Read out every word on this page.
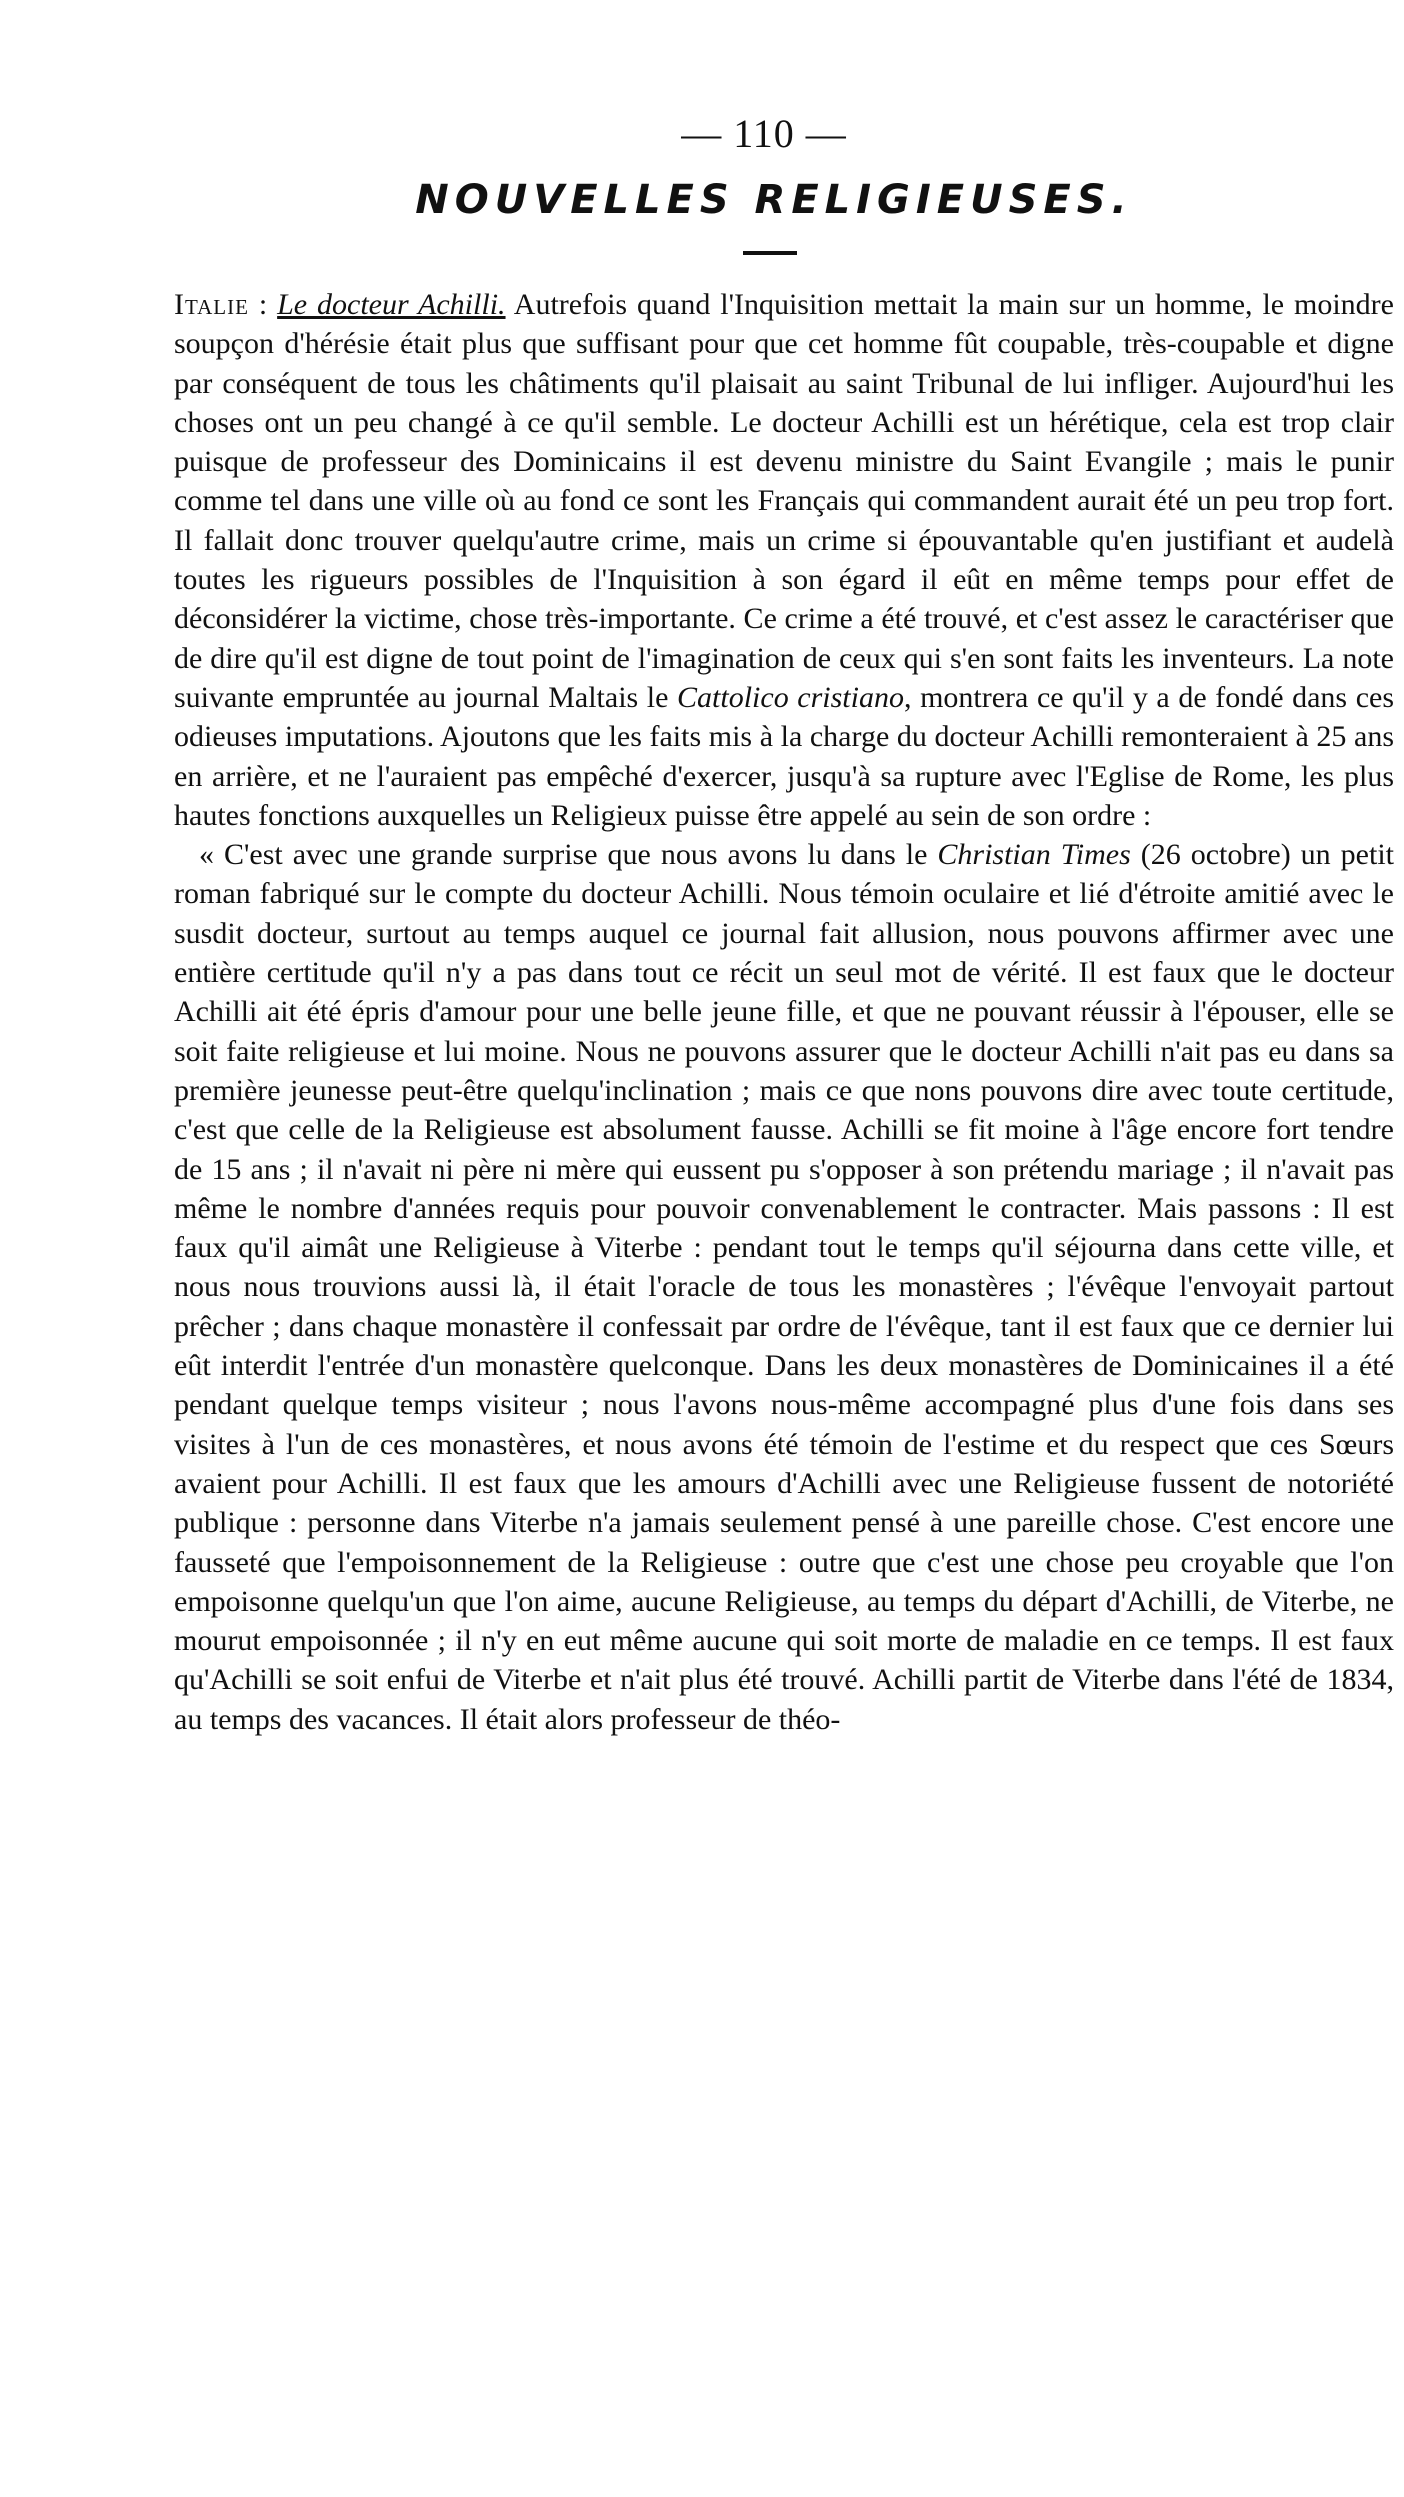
— 110 —
NOUVELLES RELIGIEUSES.

Italie : Le docteur Achilli. Autrefois quand l'Inquisition mettait la main sur un homme, le moindre soupçon d'hérésie était plus que suffisant pour que cet homme fût coupable, très-coupable et digne par conséquent de tous les châtiments qu'il plaisait au saint Tribunal de lui infliger. Aujourd'hui les choses ont un peu changé à ce qu'il semble. Le docteur Achilli est un hérétique, cela est trop clair puisque de professeur des Dominicains il est devenu ministre du Saint Evangile ; mais le punir comme tel dans une ville où au fond ce sont les Français qui commandent aurait été un peu trop fort. Il fallait donc trouver quelqu'autre crime, mais un crime si épouvantable qu'en justifiant et audelà toutes les rigueurs possibles de l'Inquisition à son égard il eût en même temps pour effet de déconsidérer la victime, chose très-importante. Ce crime a été trouvé, et c'est assez le caractériser que de dire qu'il est digne de tout point de l'imagination de ceux qui s'en sont faits les inventeurs. La note suivante empruntée au journal Maltais le Cattolico cristiano, montrera ce qu'il y a de fondé dans ces odieuses imputations. Ajoutons que les faits mis à la charge du docteur Achilli remonteraient à 25 ans en arrière, et ne l'auraient pas empêché d'exercer, jusqu'à sa rupture avec l'Eglise de Rome, les plus hautes fonctions auxquelles un Religieux puisse être appelé au sein de son ordre :

« C'est avec une grande surprise que nous avons lu dans le Christian Times (26 octobre) un petit roman fabriqué sur le compte du docteur Achilli. Nous témoin oculaire et lié d'étroite amitié avec le susdit docteur, surtout au temps auquel ce journal fait allusion, nous pouvons affirmer avec une entière certitude qu'il n'y a pas dans tout ce récit un seul mot de vérité. Il est faux que le docteur Achilli ait été épris d'amour pour une belle jeune fille, et que ne pouvant réussir à l'épouser, elle se soit faite religieuse et lui moine. Nous ne pouvons assurer que le docteur Achilli n'ait pas eu dans sa première jeunesse peut-être quelqu'inclination ; mais ce que nons pouvons dire avec toute certitude, c'est que celle de la Religieuse est absolument fausse. Achilli se fit moine à l'âge encore fort tendre de 15 ans ; il n'avait ni père ni mère qui eussent pu s'opposer à son prétendu mariage ; il n'avait pas même le nombre d'années requis pour pouvoir convenablement le contracter. Mais passons : Il est faux qu'il aimât une Religieuse à Viterbe : pendant tout le temps qu'il séjourna dans cette ville, et nous nous trouvions aussi là, il était l'oracle de tous les monastères ; l'évêque l'envoyait partout prêcher ; dans chaque monastère il confessait par ordre de l'évêque, tant il est faux que ce dernier lui eût interdit l'entrée d'un monastère quelconque. Dans les deux monastères de Dominicaines il a été pendant quelque temps visiteur ; nous l'avons nous-même accompagné plus d'une fois dans ses visites à l'un de ces monastères, et nous avons été témoin de l'estime et du respect que ces Sœurs avaient pour Achilli. Il est faux que les amours d'Achilli avec une Religieuse fussent de notoriété publique : personne dans Viterbe n'a jamais seulement pensé à une pareille chose. C'est encore une fausseté que l'empoisonnement de la Religieuse : outre que c'est une chose peu croyable que l'on empoisonne quelqu'un que l'on aime, aucune Religieuse, au temps du départ d'Achilli, de Viterbe, ne mourut empoisonnée ; il n'y en eut même aucune qui soit morte de maladie en ce temps. Il est faux qu'Achilli se soit enfui de Viterbe et n'ait plus été trouvé. Achilli partit de Viterbe dans l'été de 1834, au temps des vacances. Il était alors professeur de théo-
